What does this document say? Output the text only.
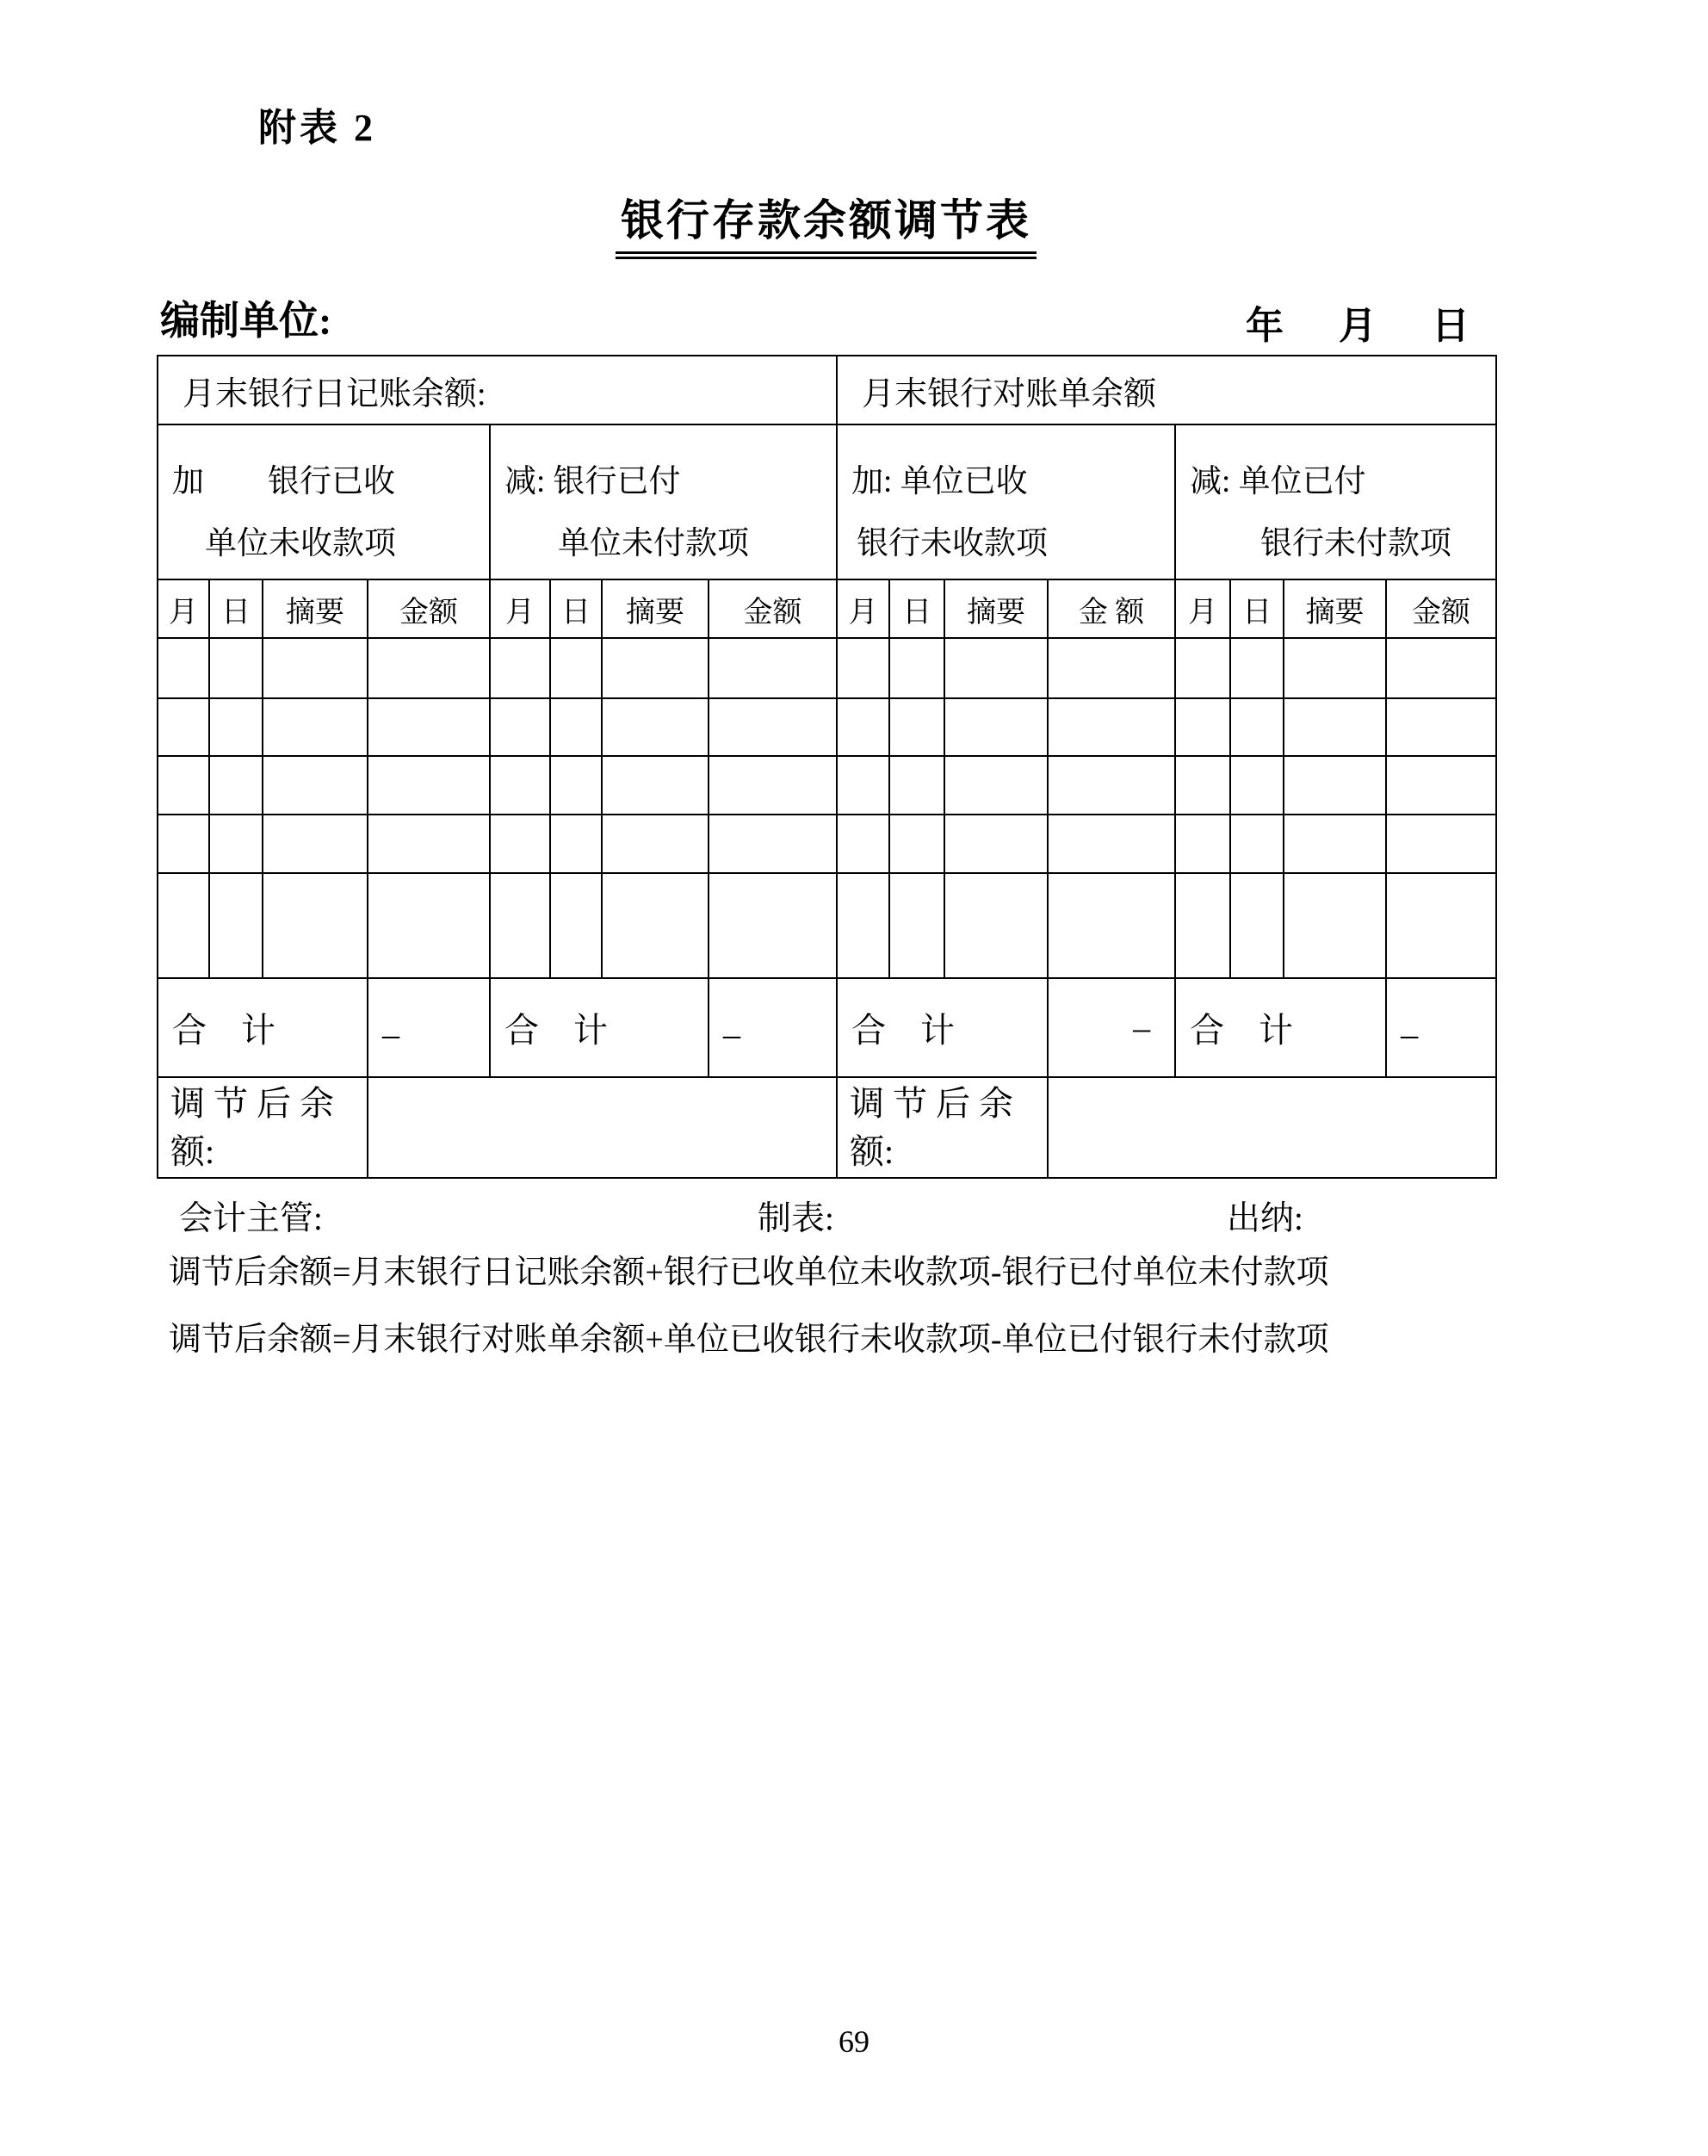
附表 2
银行存款余额调节表
编制单位:	年 月 日
月末银行日记账余额:								月末银行对账单余额							

加　　银行已收
单位未收款项

减: 银行已付
单位未付款项

加: 单位已收
银行未收款项

减: 单位已付
银行未付款项

月	日	摘要	金额	月	日	摘要	金额	月	日	摘要	金 额	月	日	摘要	金额

合　计			_	合　计			_	合　计			–	合　计			_

调 节 后 余
额:

调 节 后 余
额:

会计主管:	制表:	出纳:
调节后余额=月末银行日记账余额+银行已收单位未收款项-银行已付单位未付款项
调节后余额=月末银行对账单余额+单位已收银行未收款项-单位已付银行未付款项
69
